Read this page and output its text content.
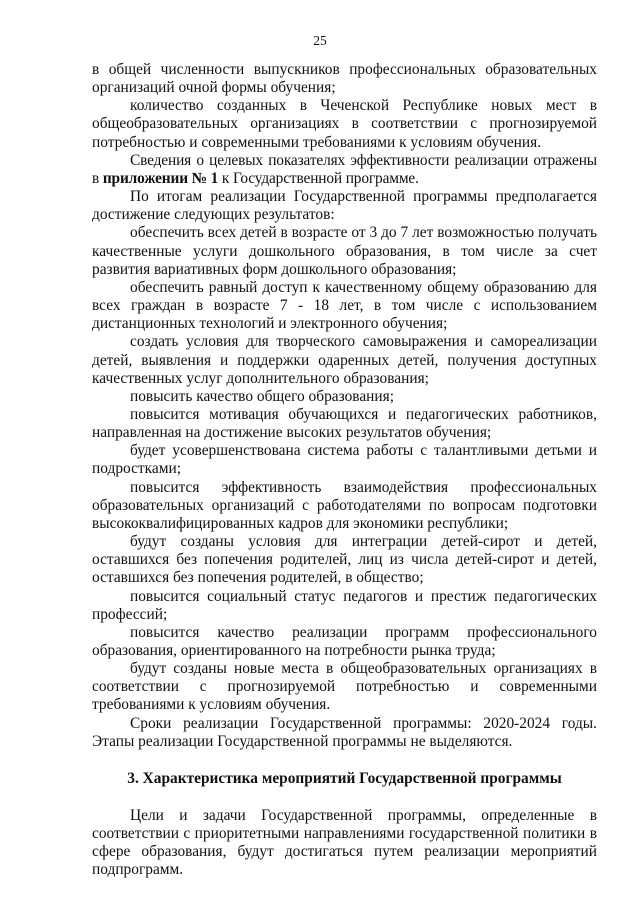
25

в общей численности выпускников профессиональных образовательных организаций очной формы обучения;

количество созданных в Чеченской Республике новых мест в общеобразовательных организациях в соответствии с прогнозируемой потребностью и современными требованиями к условиям обучения.

Сведения о целевых показателях эффективности реализации отражены в приложении № 1 к Государственной программе.

По итогам реализации Государственной программы предполагается достижение следующих результатов:

обеспечить всех детей в возрасте от 3 до 7 лет возможностью получать качественные услуги дошкольного образования, в том числе за счет развития вариативных форм дошкольного образования;

обеспечить равный доступ к качественному общему образованию для всех граждан в возрасте 7 - 18 лет, в том числе с использованием дистанционных технологий и электронного обучения;

создать условия для творческого самовыражения и самореализации детей, выявления и поддержки одаренных детей, получения доступных качественных услуг дополнительного образования;

повысить качество общего образования;

повысится мотивация обучающихся и педагогических работников, направленная на достижение высоких результатов обучения;

будет усовершенствована система работы с талантливыми детьми и подростками;

повысится эффективность взаимодействия профессиональных образовательных организаций с работодателями по вопросам подготовки высококвалифицированных кадров для экономики республики;

будут созданы условия для интеграции детей-сирот и детей, оставшихся без попечения родителей, лиц из числа детей-сирот и детей, оставшихся без попечения родителей, в общество;

повысится социальный статус педагогов и престиж педагогических профессий;

повысится качество реализации программ профессионального образования, ориентированного на потребности рынка труда;

будут созданы новые места в общеобразовательных организациях в соответствии с прогнозируемой потребностью и современными требованиями к условиям обучения.

Сроки реализации Государственной программы: 2020-2024 годы. Этапы реализации Государственной программы не выделяются.

3. Характеристика мероприятий Государственной программы

Цели и задачи Государственной программы, определенные в соответствии с приоритетными направлениями государственной политики в сфере образования, будут достигаться путем реализации мероприятий подпрограмм.
